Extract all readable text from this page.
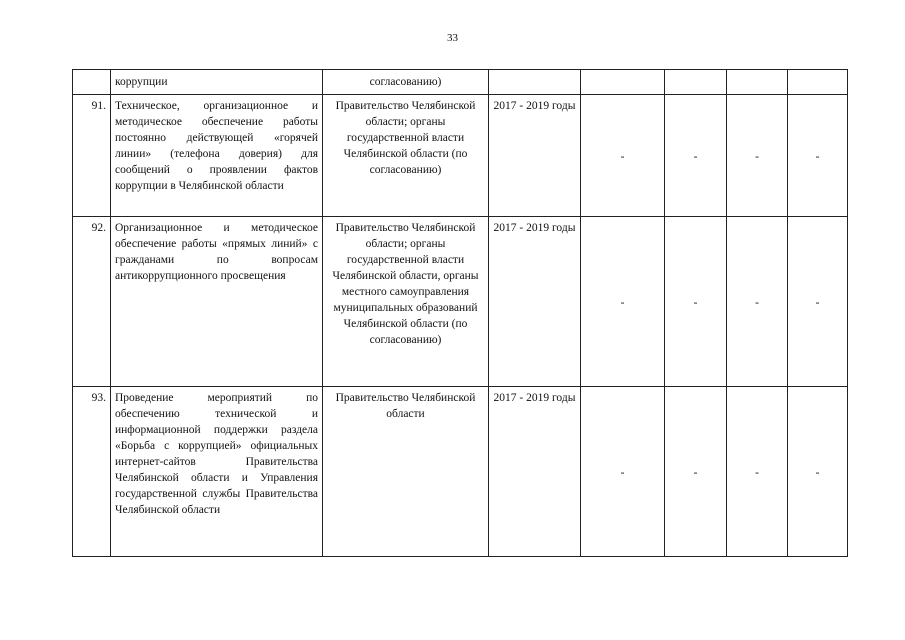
33
	коррупции	согласованию)					
91.	Техническое, организационное и методическое обеспечение работы постоянно действующей «горячей линии» (телефона доверия) для сообщений о проявлении фактов коррупции в Челябинской области	Правительство Челябинской области; органы государственной власти Челябинской области (по согласованию)	2017 - 2019 годы	-	-	-	-
92.	Организационное и методическое обеспечение работы «прямых линий» с гражданами по вопросам антикоррупционного просвещения	Правительство Челябинской области; органы государственной власти Челябинской области, органы местного самоуправления муниципальных образований Челябинской области (по согласованию)	2017 - 2019 годы	-	-	-	-
93.	Проведение мероприятий по обеспечению технической и информационной поддержки раздела «Борьба с коррупцией» официальных интернет-сайтов Правительства Челябинской области и Управления государственной службы Правительства Челябинской области	Правительство Челябинской области	2017 - 2019 годы	-	-	-	-
